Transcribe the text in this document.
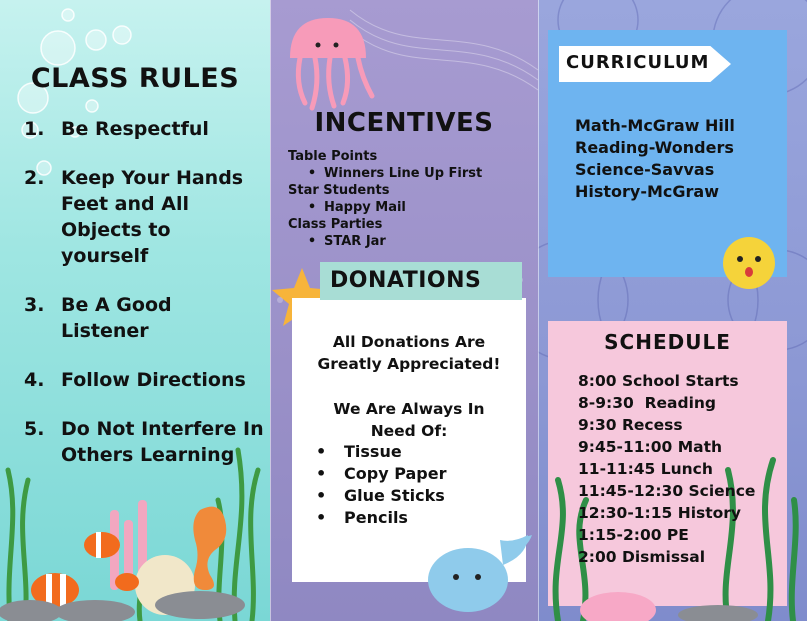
CLASS RULES
1. Be Respectful
2. Keep Your Hands Feet and All Objects to yourself
3. Be A Good Listener
4. Follow Directions
5. Do Not Interfere In Others Learning
INCENTIVES
Table Points
• Winners Line Up First
Star Students
• Happy Mail
Class Parties
• STAR Jar
DONATIONS
All Donations Are
Greatly Appreciated!
We Are Always In
Need Of:
• Tissue
• Copy Paper
• Glue Sticks
• Pencils
CURRICULUM
Math-McGraw Hill
Reading-Wonders
Science-Savvas
History-McGraw
SCHEDULE
8:00 School Starts
8-9:30  Reading
9:30 Recess
9:45-11:00 Math
11-11:45 Lunch
11:45-12:30 Science
12:30-1:15 History
1:15-2:00 PE
2:00 Dismissal
